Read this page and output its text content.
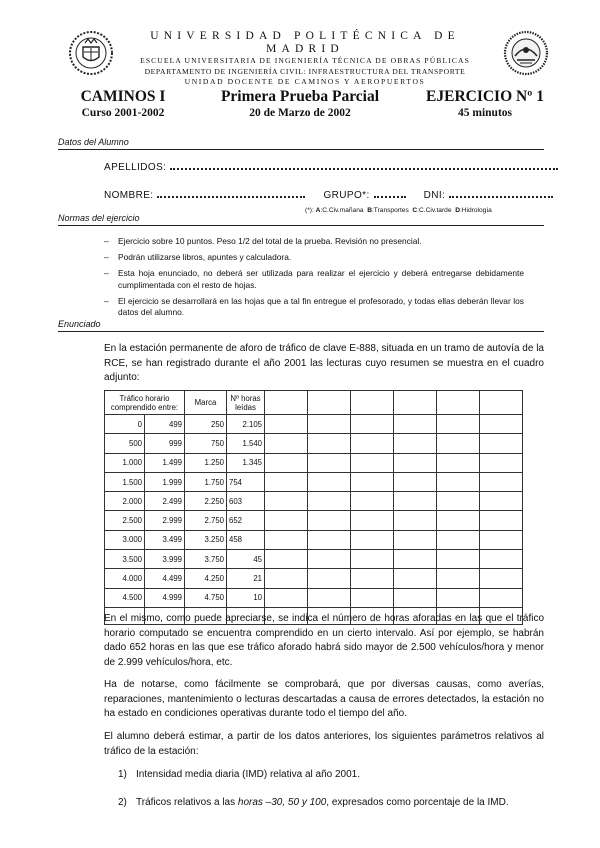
UNIVERSIDAD POLITÉCNICA DE MADRID
ESCUELA UNIVERSITARIA DE INGENIERÍA TÉCNICA DE OBRAS PÚBLICAS
DEPARTAMENTO DE INGENIERÍA CIVIL: INFRAESTRUCTURA DEL TRANSPORTE
UNIDAD DOCENTE DE CAMINOS Y AEROPUERTOS
CAMINOS I
Curso 2001-2002
Primera Prueba Parcial
20 de Marzo de 2002
EJERCICIO Nº 1
45 minutos
Datos del Alumno
APELLIDOS:
NOMBRE:	GRUPO*:	DNI:
(*): A:C.Civ.mañana B:Transportes C:C.Civ.tarde D:Hidrología
Normas del ejercicio
– Ejercicio sobre 10 puntos. Peso 1/2 del total de la prueba. Revisión no presencial.
– Podrán utilizarse libros, apuntes y calculadora.
– Esta hoja enunciado, no deberá ser utilizada para realizar el ejercicio y deberá entregarse debidamente cumplimentada con el resto de hojas.
– El ejercicio se desarrollará en las hojas que a tal fin entregue el profesorado, y todas ellas deberán llevar los datos del alumno.
Enunciado

En la estación permanente de aforo de tráfico de clave E-888, situada en un tramo de autovía de la RCE, se han registrado durante el año 2001 las lecturas cuyo resumen se muestra en el cuadro adjunto:

Tráfico horario
comprendido entre:		Marca	Nº horas
leídas						
0	499	250	2.105						
500	999	750	1.540						
1.000	1.499	1.250	1.345						
1.500	1.999	1.750	754						
2.000	2.499	2.250	603						
2.500	2.999	2.750	652						
3.000	3.499	3.250	458						
3.500	3.999	3.750	45						
4.000	4.499	4.250	21						
4.500	4.999	4.750	10						

En el mismo, como puede apreciarse, se indica el número de horas aforadas en las que el tráfico horario computado se encuentra comprendido en un cierto intervalo. Así por ejemplo, se habrán dado 652 horas en las que ese tráfico aforado habrá sido mayor de 2.500 vehículos/hora y menor de 2.999 vehículos/hora, etc.

Ha de notarse, como fácilmente se comprobará, que por diversas causas, como averías, reparaciones, mantenimiento o lecturas descartadas a causa de errores detectados, la estación no ha estado en condiciones operativas durante todo el tiempo del año.

El alumno deberá estimar, a partir de los datos anteriores, los siguientes parámetros relativos al tráfico de la estación:

1) Intensidad media diaria (IMD) relativa al año 2001.
2) Tráficos relativos a las horas –30, 50 y 100, expresados como porcentaje de la IMD.
